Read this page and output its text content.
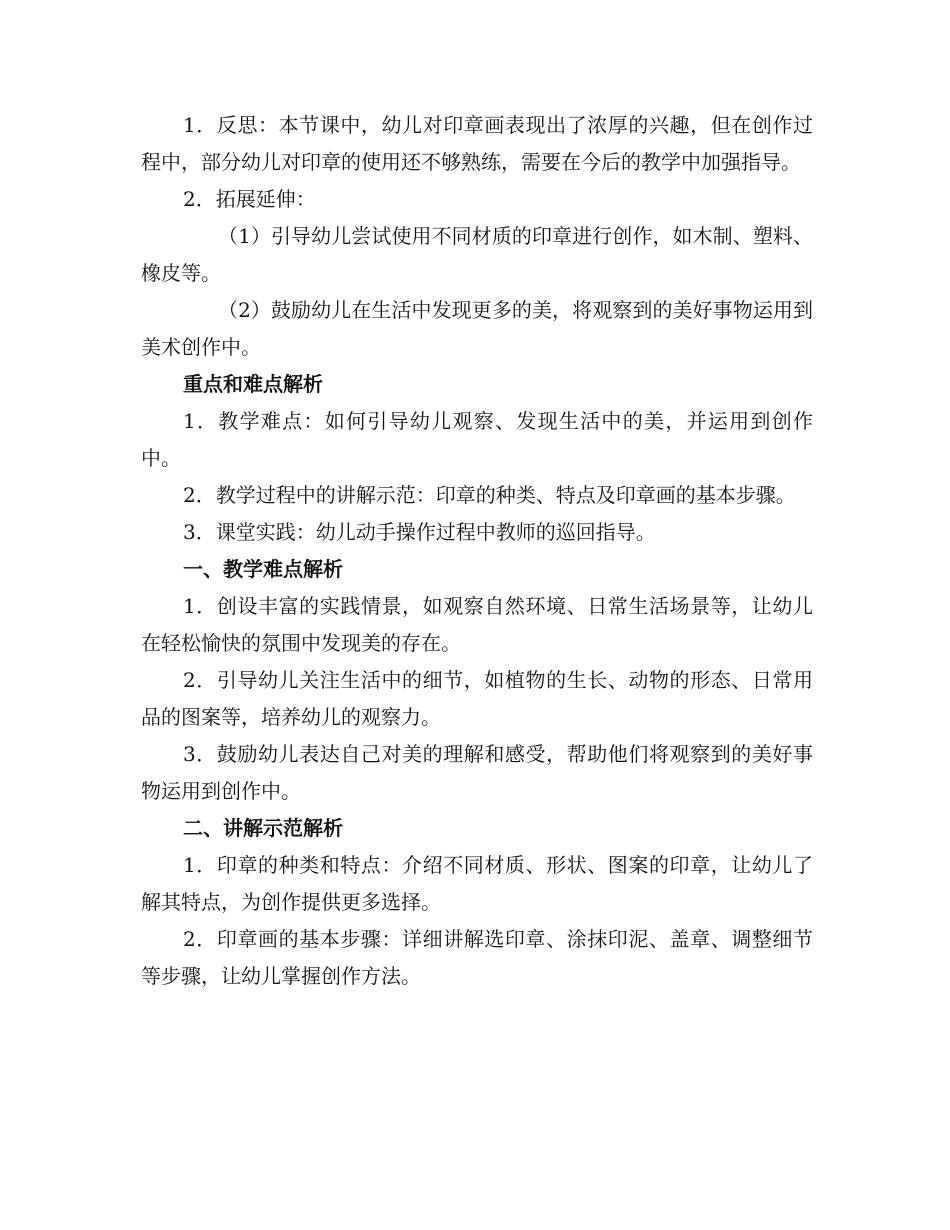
1．反思：本节课中，幼儿对印章画表现出了浓厚的兴趣，但在创作过程中，部分幼儿对印章的使用还不够熟练，需要在今后的教学中加强指导。

2．拓展延伸：

（1）引导幼儿尝试使用不同材质的印章进行创作，如木制、塑料、橡皮等。

（2）鼓励幼儿在生活中发现更多的美，将观察到的美好事物运用到美术创作中。

重点和难点解析

1．教学难点：如何引导幼儿观察、发现生活中的美，并运用到创作中。

2．教学过程中的讲解示范：印章的种类、特点及印章画的基本步骤。

3．课堂实践：幼儿动手操作过程中教师的巡回指导。

一、教学难点解析

1．创设丰富的实践情景，如观察自然环境、日常生活场景等，让幼儿在轻松愉快的氛围中发现美的存在。

2．引导幼儿关注生活中的细节，如植物的生长、动物的形态、日常用品的图案等，培养幼儿的观察力。

3．鼓励幼儿表达自己对美的理解和感受，帮助他们将观察到的美好事物运用到创作中。

二、讲解示范解析

1．印章的种类和特点：介绍不同材质、形状、图案的印章，让幼儿了解其特点，为创作提供更多选择。

2．印章画的基本步骤：详细讲解选印章、涂抹印泥、盖章、调整细节等步骤，让幼儿掌握创作方法。
